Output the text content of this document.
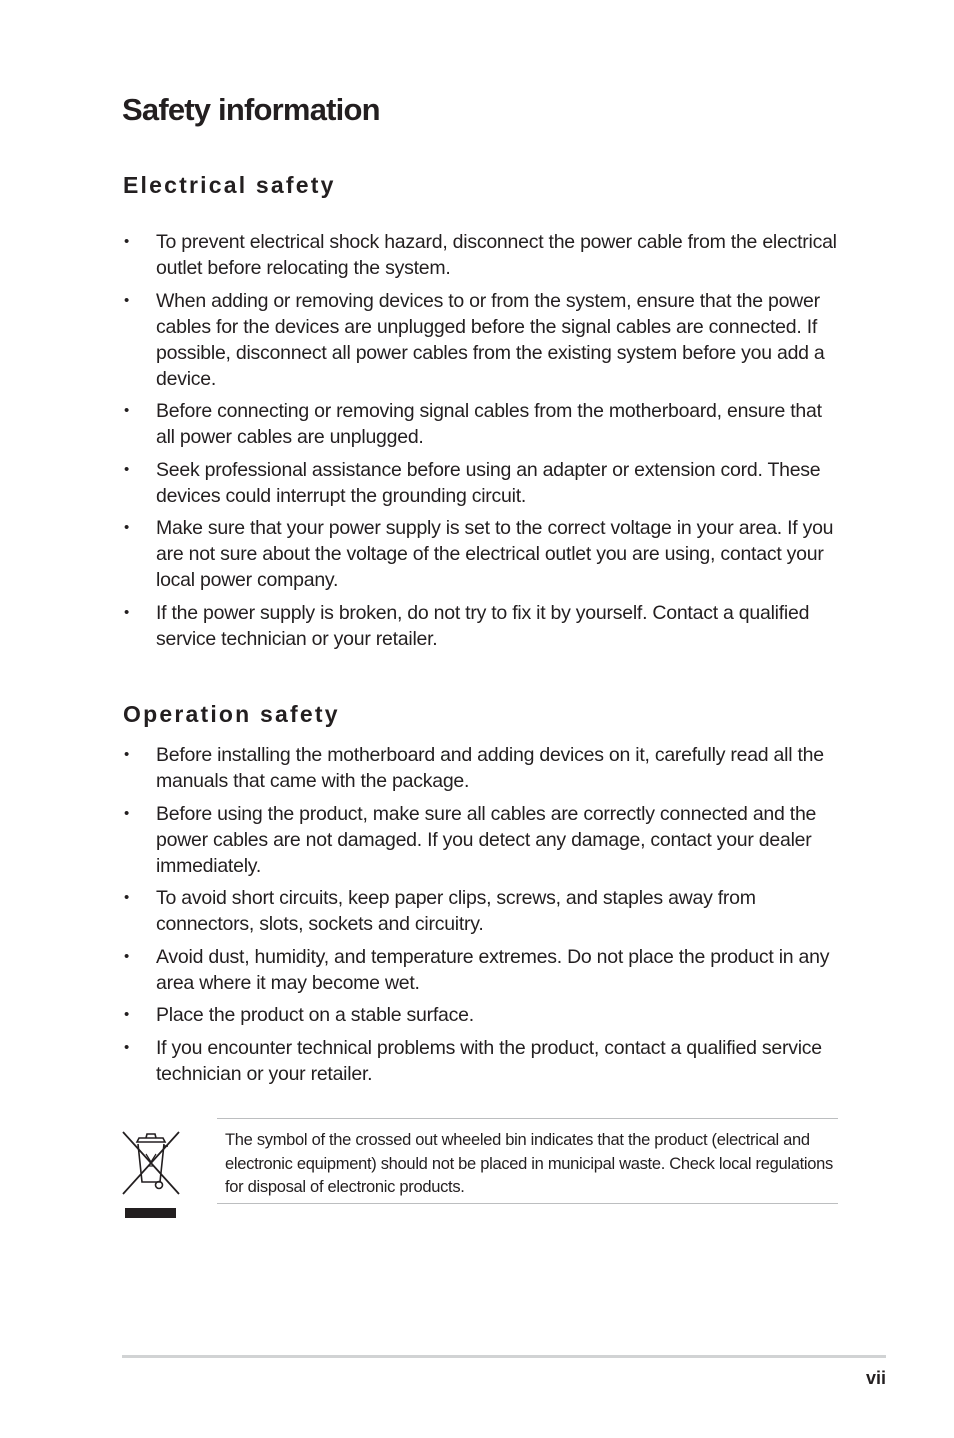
Safety information
Electrical safety
• To prevent electrical shock hazard, disconnect the power cable from the electrical outlet before relocating the system.
• When adding or removing devices to or from the system, ensure that the power cables for the devices are unplugged before the signal cables are connected. If possible, disconnect all power cables from the existing system before you add a device.
• Before connecting or removing signal cables from the motherboard, ensure that all power cables are unplugged.
• Seek professional assistance before using an adapter or extension cord. These devices could interrupt the grounding circuit.
• Make sure that your power supply is set to the correct voltage in your area. If you are not sure about the voltage of the electrical outlet you are using, contact your local power company.
• If the power supply is broken, do not try to fix it by yourself. Contact a qualified service technician or your retailer.
Operation safety
• Before installing the motherboard and adding devices on it, carefully read all the manuals that came with the package.
• Before using the product, make sure all cables are correctly connected and the power cables are not damaged. If you detect any damage, contact your dealer immediately.
• To avoid short circuits, keep paper clips, screws, and staples away from connectors, slots, sockets and circuitry.
• Avoid dust, humidity, and temperature extremes. Do not place the product in any area where it may become wet.
• Place the product on a stable surface.
• If you encounter technical problems with the product, contact a qualified service technician or your retailer.

The symbol of the crossed out wheeled bin indicates that the product (electrical and electronic equipment) should not be placed in municipal waste. Check local regulations for disposal of electronic products.

vii
